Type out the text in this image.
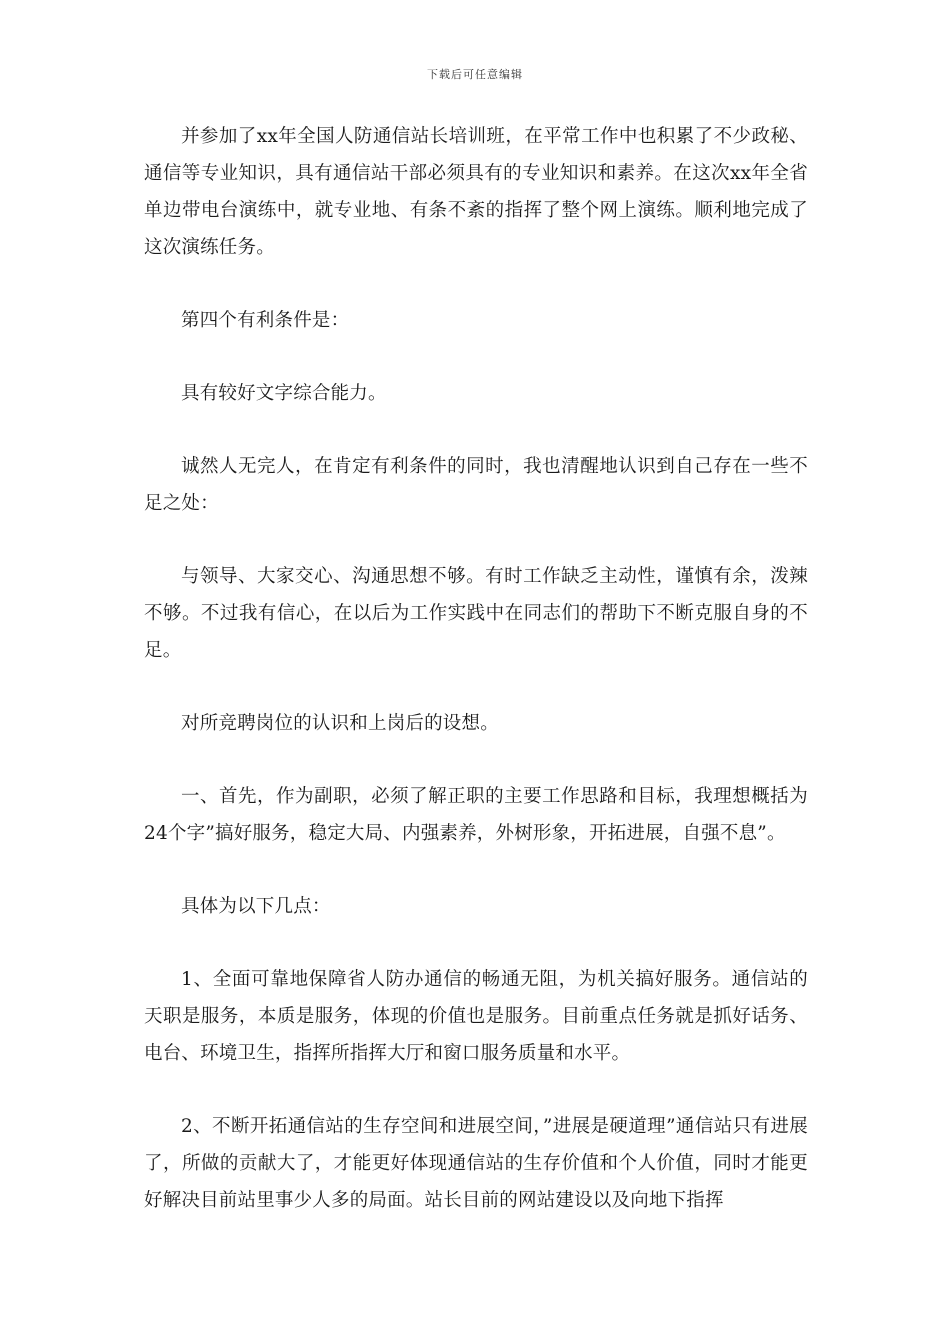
下载后可任意编辑

并参加了xx年全国人防通信站长培训班，在平常工作中也积累了不少政秘、通信等专业知识，具有通信站干部必须具有的专业知识和素养。在这次xx年全省单边带电台演练中，就专业地、有条不紊的指挥了整个网上演练。顺利地完成了这次演练任务。

第四个有利条件是：

具有较好文字综合能力。

诚然人无完人，在肯定有利条件的同时，我也清醒地认识到自己存在一些不足之处：

与领导、大家交心、沟通思想不够。有时工作缺乏主动性，谨慎有余，泼辣不够。不过我有信心，在以后为工作实践中在同志们的帮助下不断克服自身的不足。

对所竞聘岗位的认识和上岗后的设想。

一、首先，作为副职，必须了解正职的主要工作思路和目标，我理想概括为24个字”搞好服务，稳定大局、内强素养，外树形象，开拓进展，自强不息”。

具体为以下几点：

1、全面可靠地保障省人防办通信的畅通无阻，为机关搞好服务。通信站的天职是服务，本质是服务，体现的价值也是服务。目前重点任务就是抓好话务、电台、环境卫生，指挥所指挥大厅和窗口服务质量和水平。

2、不断开拓通信站的生存空间和进展空间，”进展是硬道理”通信站只有进展了，所做的贡献大了，才能更好体现通信站的生存价值和个人价值，同时才能更好解决目前站里事少人多的局面。站长目前的网站建设以及向地下指挥
